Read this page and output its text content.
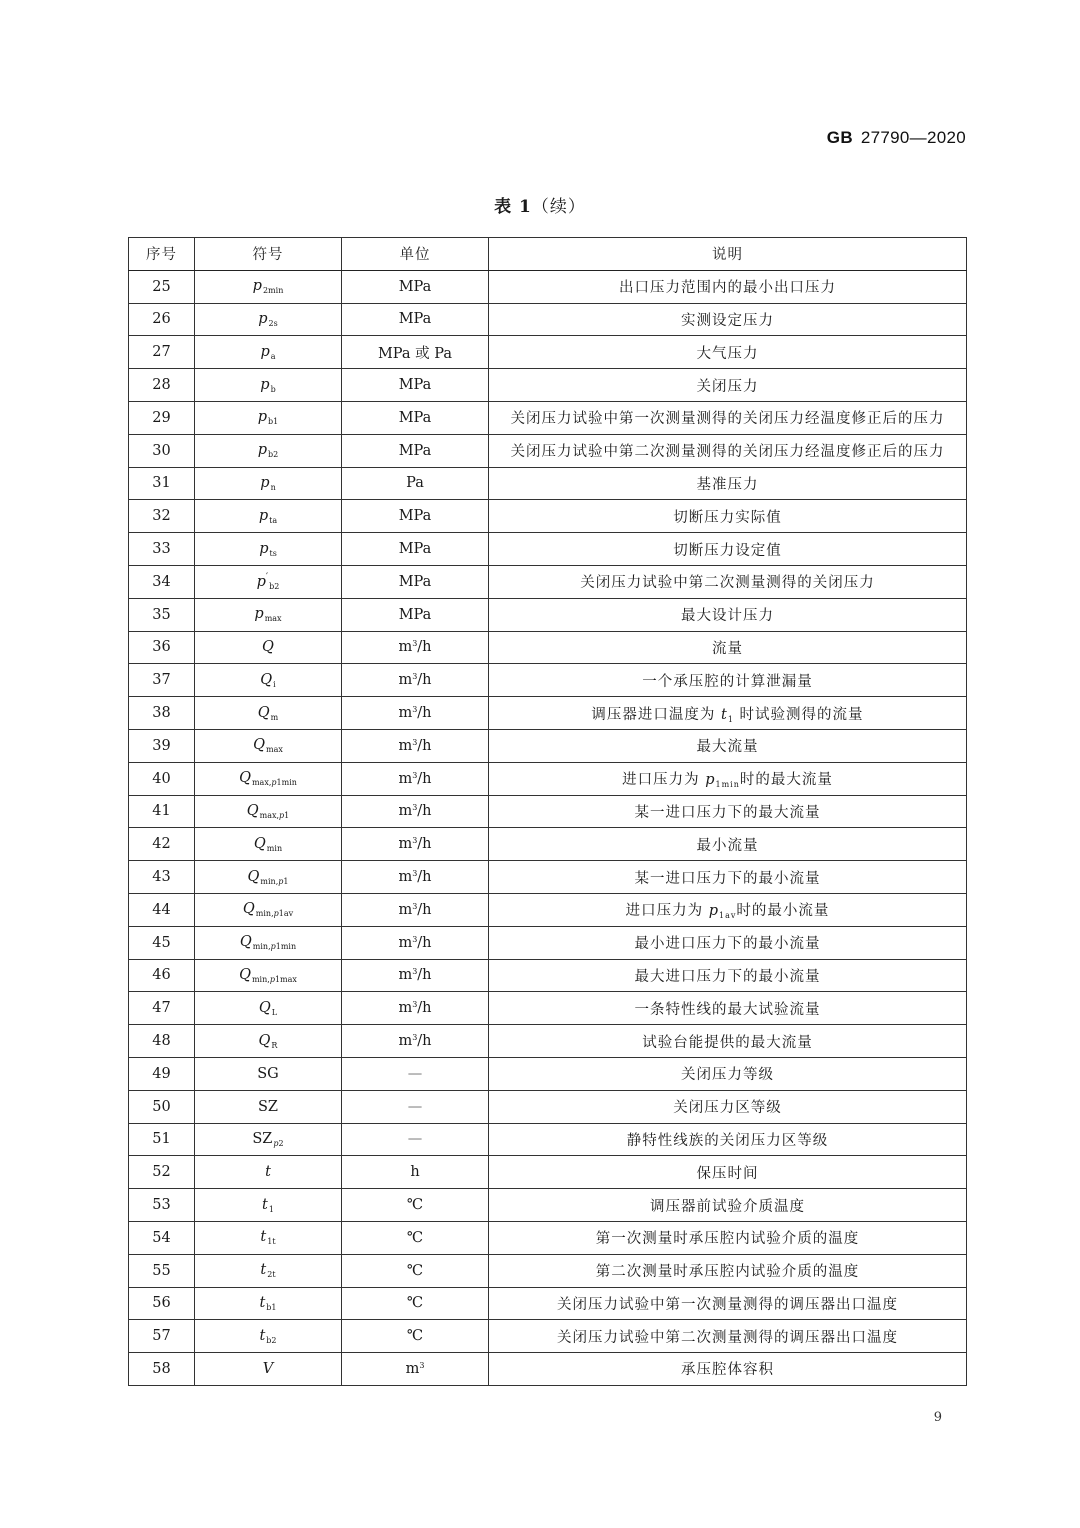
GB 27790—2020
表 1（续）
序号	符号	单位	说明
25	$p_{2min}$	MPa	出口压力范围内的最小出口压力
26	$p_{2s}$	MPa	实测设定压力
27	$p_a$	MPa 或 Pa	大气压力
28	$p_b$	MPa	关闭压力
29	$p_{b1}$	MPa	关闭压力试验中第一次测量测得的关闭压力经温度修正后的压力
30	$p_{b2}$	MPa	关闭压力试验中第二次测量测得的关闭压力经温度修正后的压力
31	$p_n$	Pa	基准压力
32	$p_{ta}$	MPa	切断压力实际值
33	$p_{ts}$	MPa	切断压力设定值
34	$p'_{b2}$	MPa	关闭压力试验中第二次测量测得的关闭压力
35	$p_{max}$	MPa	最大设计压力
36	Q	$m^3/h$	流量
37	$Q_i$	$m^3/h$	一个承压腔的计算泄漏量
38	$Q_m$	$m^3/h$	调压器进口温度为 $t_1$ 时试验测得的流量
39	$Q_{max}$	$m^3/h$	最大流量
40	$Q_{max,p1min}$	$m^3/h$	进口压力为 $p_{1min}$时的最大流量
41	$Q_{max,p1}$	$m^3/h$	某一进口压力下的最大流量
42	$Q_{min}$	$m^3/h$	最小流量
43	$Q_{min,p1}$	$m^3/h$	某一进口压力下的最小流量
44	$Q_{min,p1av}$	$m^3/h$	进口压力为 $p_{1av}$时的最小流量
45	$Q_{min,p1min}$	$m^3/h$	最小进口压力下的最小流量
46	$Q_{min,p1max}$	$m^3/h$	最大进口压力下的最小流量
47	$Q_L$	$m^3/h$	一条特性线的最大试验流量
48	$Q_R$	$m^3/h$	试验台能提供的最大流量
49	SG	—	关闭压力等级
50	SZ	—	关闭压力区等级
51	$SZ_{p2}$	—	静特性线族的关闭压力区等级
52	t	h	保压时间
53	$t_1$	℃	调压器前试验介质温度
54	$t_{1t}$	℃	第一次测量时承压腔内试验介质的温度
55	$t_{2t}$	℃	第二次测量时承压腔内试验介质的温度
56	$t_{b1}$	℃	关闭压力试验中第一次测量测得的调压器出口温度
57	$t_{b2}$	℃	关闭压力试验中第二次测量测得的调压器出口温度
58	V	$m^3$	承压腔体容积
9
